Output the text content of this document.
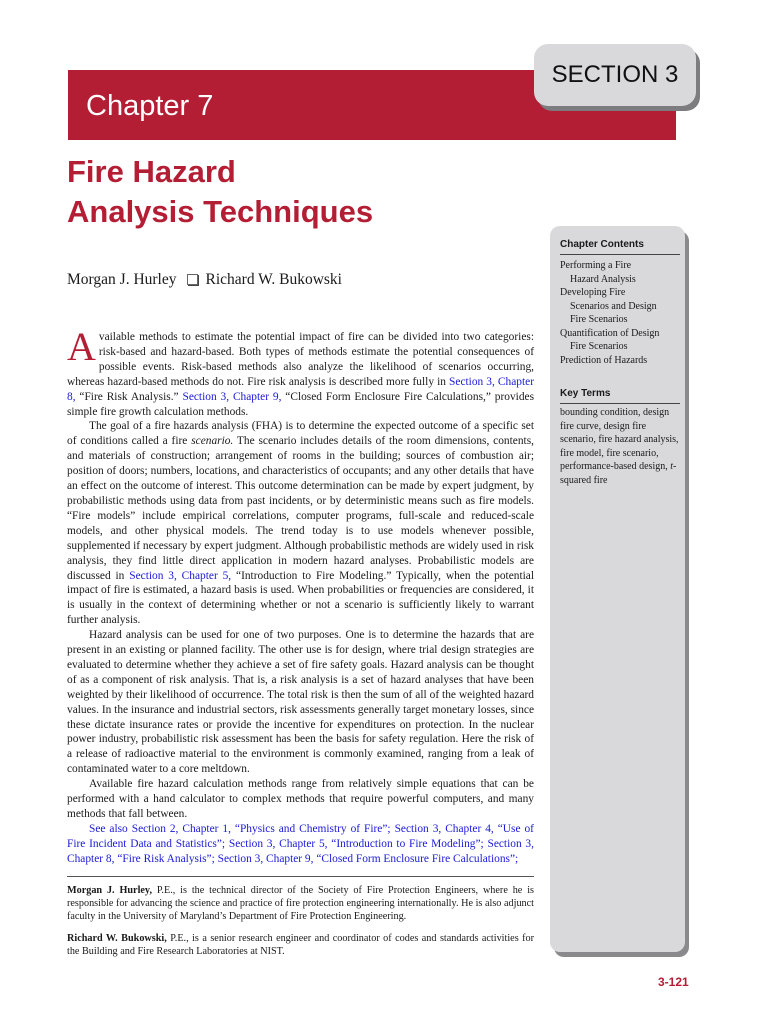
Chapter 7
SECTION 3
Fire Hazard
Analysis Techniques
Morgan J. Hurley Richard W. Bukowski

Available methods to estimate the potential impact of fire can be divided into two categories: risk-based and hazard-based. Both types of methods estimate the potential consequences of possible events. Risk-based methods also analyze the likelihood of scenarios occurring, whereas hazard-based methods do not. Fire risk analysis is described more fully in Section 3, Chapter 8, “Fire Risk Analysis.” Section 3, Chapter 9, “Closed Form Enclosure Fire Calculations,” provides simple fire growth calculation methods.

The goal of a fire hazards analysis (FHA) is to determine the expected outcome of a specific set of conditions called a fire scenario. The scenario includes details of the room dimensions, contents, and materials of construction; arrangement of rooms in the building; sources of combustion air; position of doors; numbers, locations, and characteristics of occupants; and any other details that have an effect on the outcome of interest. This outcome determination can be made by expert judgment, by probabilistic methods using data from past incidents, or by deterministic means such as fire models. “Fire models” include empirical correlations, computer programs, full-scale and reduced-scale models, and other physical models. The trend today is to use models whenever possible, supplemented if necessary by expert judgment. Although probabilistic methods are widely used in risk analysis, they find little direct application in modern hazard analyses. Probabilistic models are discussed in Section 3, Chapter 5, “Introduction to Fire Modeling.” Typically, when the potential impact of fire is estimated, a hazard basis is used. When probabilities or frequencies are considered, it is usually in the context of determining whether or not a scenario is sufficiently likely to warrant further analysis.

Hazard analysis can be used for one of two purposes. One is to determine the hazards that are present in an existing or planned facility. The other use is for design, where trial design strategies are evaluated to determine whether they achieve a set of fire safety goals. Hazard analysis can be thought of as a component of risk analysis. That is, a risk analysis is a set of hazard analyses that have been weighted by their likelihood of occurrence. The total risk is then the sum of all of the weighted hazard values. In the insurance and industrial sectors, risk assessments generally target monetary losses, since these dictate insurance rates or provide the incentive for expenditures on protection. In the nuclear power industry, probabilistic risk assessment has been the basis for safety regulation. Here the risk of a release of radioactive material to the environment is commonly examined, ranging from a leak of contaminated water to a core meltdown.

Available fire hazard calculation methods range from relatively simple equations that can be performed with a hand calculator to complex methods that require powerful computers, and many methods that fall between.

See also Section 2, Chapter 1, “Physics and Chemistry of Fire”; Section 3, Chapter 4, “Use of Fire Incident Data and Statistics”; Section 3, Chapter 5, “Introduction to Fire Modeling”; Section 3, Chapter 8, “Fire Risk Analysis”; Section 3, Chapter 9, “Closed Form Enclosure Fire Calculations”;

Morgan J. Hurley, P.E., is the technical director of the Society of Fire Protection Engineers, where he is responsible for advancing the science and practice of fire protection engineering internationally. He is also adjunct faculty in the University of Maryland’s Department of Fire Protection Engineering.

Richard W. Bukowski, P.E., is a senior research engineer and coordinator of codes and standards activities for the Building and Fire Research Laboratories at NIST.

Chapter Contents
Performing a Fire
Hazard Analysis
Developing Fire
Scenarios and Design
Fire Scenarios
Quantification of Design
Fire Scenarios
Prediction of Hazards
Key Terms
bounding condition, design fire curve, design fire scenario, fire hazard analysis, fire model, fire scenario, performance-based design, t-squared fire
3-121
